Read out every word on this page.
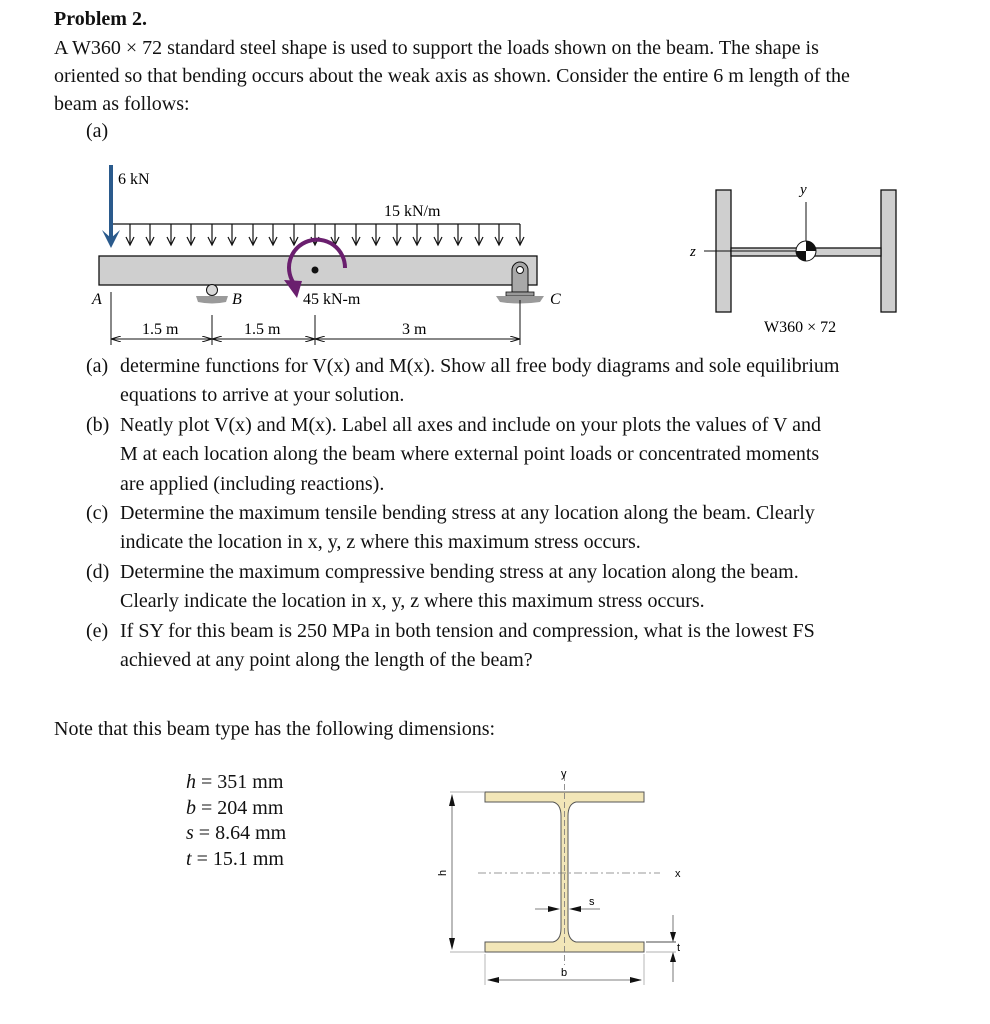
Problem 2.
A W360 × 72 standard steel shape is used to support the loads shown on the beam. The shape is
oriented so that bending occurs about the weak axis as shown. Consider the entire 6 m length of the
beam as follows:
(a)
15 kN/m
6 kN
45 kN-m
B	C
A
1.5 m	1.5 m	3 m
y
z
W360 × 72
(a) determine functions for V(x) and M(x). Show all free body diagrams and sole equilibrium
equations to arrive at your solution.
(b) Neatly plot V(x) and M(x). Label all axes and include on your plots the values of V and
M at each location along the beam where external point loads or concentrated moments
are applied (including reactions).
(c) Determine the maximum tensile bending stress at any location along the beam. Clearly
indicate the location in x, y, z where this maximum stress occurs.
(d) Determine the maximum compressive bending stress at any location along the beam.
Clearly indicate the location in x, y, z where this maximum stress occurs.
(e) If SY for this beam is 250 MPa in both tension and compression, what is the lowest FS
achieved at any point along the length of the beam?
Note that this beam type has the following dimensions:
h = 351 mm
b = 204 mm
s = 8.64 mm
t = 15.1 mm
y
x
h
s
t
b
